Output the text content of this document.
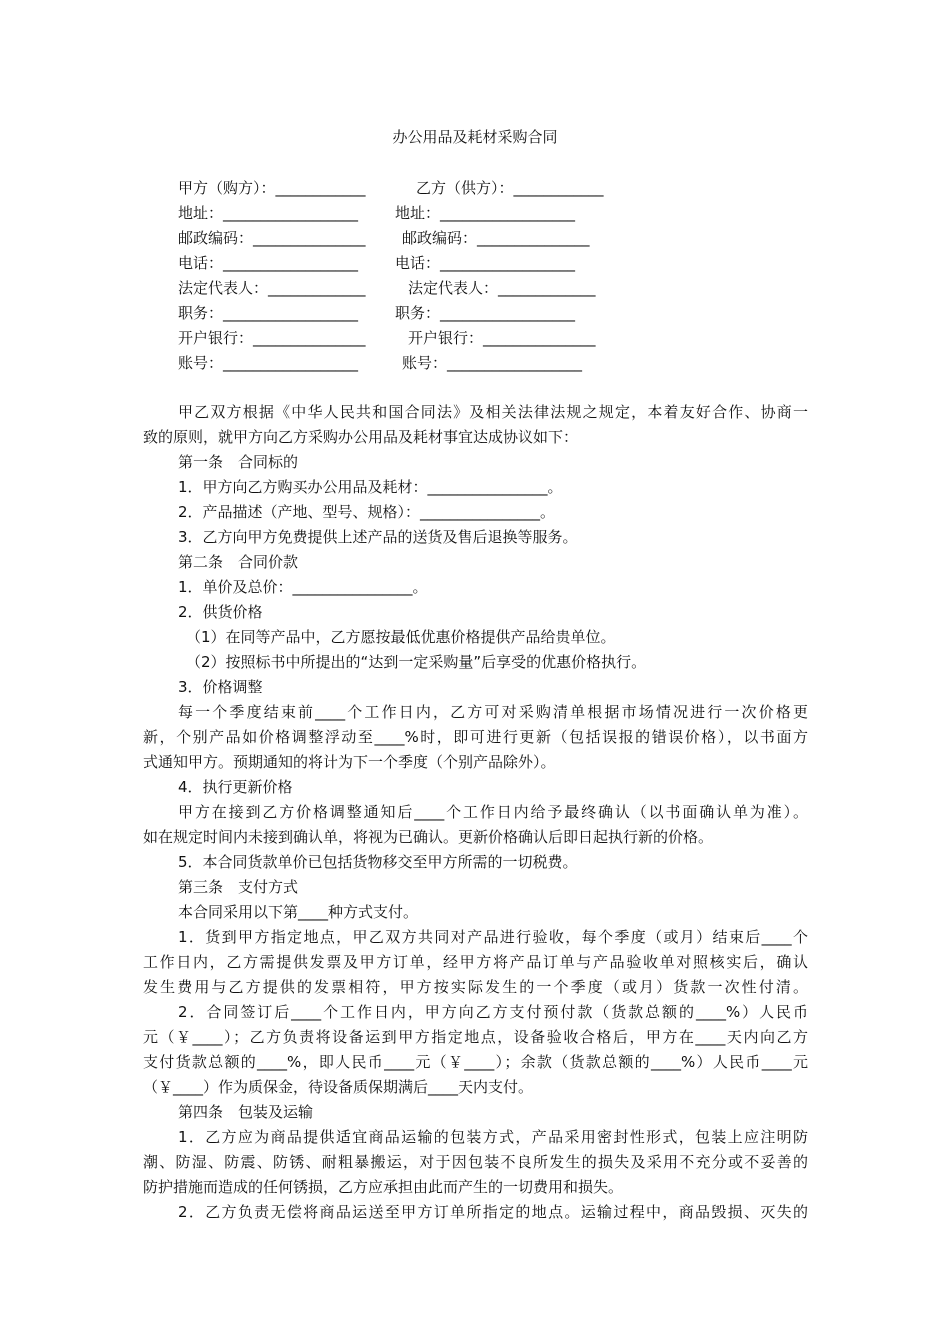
办公用品及耗材采购合同
甲方（购方）：____________	乙方（供方）：____________
地址：__________________ 地址：__________________
邮政编码：_______________ 邮政编码：_______________
电话：__________________ 电话：__________________
法定代表人：_____________	法定代表人：_____________
职务：__________________ 职务：__________________
开户银行：_______________	开户银行：_______________
账号：__________________	账号：__________________
甲乙双方根据《中华人民共和国合同法》及相关法律法规之规定，本着友好合作、协商一
致的原则，就甲方向乙方采购办公用品及耗材事宜达成协议如下：
第一条　合同标的
1．甲方向乙方购买办公用品及耗材：________________。
2．产品描述（产地、型号、规格）：________________。
3．乙方向甲方免费提供上述产品的送货及售后退换等服务。
第二条　合同价款
1．单价及总价：________________。
2．供货价格
（1）在同等产品中，乙方愿按最低优惠价格提供产品给贵单位。
（2）按照标书中所提出的“达到一定采购量”后享受的优惠价格执行。
3．价格调整
每一个季度结束前____个工作日内，乙方可对采购清单根据市场情况进行一次价格更
新，个别产品如价格调整浮动至____%时，即可进行更新（包括误报的错误价格），以书面方
式通知甲方。预期通知的将计为下一个季度（个别产品除外）。
4．执行更新价格
甲方在接到乙方价格调整通知后____个工作日内给予最终确认（以书面确认单为准）。
如在规定时间内未接到确认单，将视为已确认。更新价格确认后即日起执行新的价格。
5．本合同货款单价已包括货物移交至甲方所需的一切税费。
第三条　支付方式
本合同采用以下第____种方式支付。
1．货到甲方指定地点，甲乙双方共同对产品进行验收，每个季度（或月）结束后____个
工作日内，乙方需提供发票及甲方订单，经甲方将产品订单与产品验收单对照核实后，确认
发生费用与乙方提供的发票相符，甲方按实际发生的一个季度（或月）货款一次性付清。
2．合同签订后____个工作日内，甲方向乙方支付预付款（货款总额的____%）人民币
元（￥____）；乙方负责将设备运到甲方指定地点，设备验收合格后，甲方在____天内向乙方
支付货款总额的____%，即人民币____元（￥____）；余款（货款总额的____%）人民币____元
（￥____）作为质保金，待设备质保期满后____天内支付。
第四条　包装及运输
1．乙方应为商品提供适宜商品运输的包装方式，产品采用密封性形式，包装上应注明防
潮、防湿、防震、防锈、耐粗暴搬运，对于因包装不良所发生的损失及采用不充分或不妥善的
防护措施而造成的任何锈损，乙方应承担由此而产生的一切费用和损失。
2．乙方负责无偿将商品运送至甲方订单所指定的地点。运输过程中，商品毁损、灭失的
